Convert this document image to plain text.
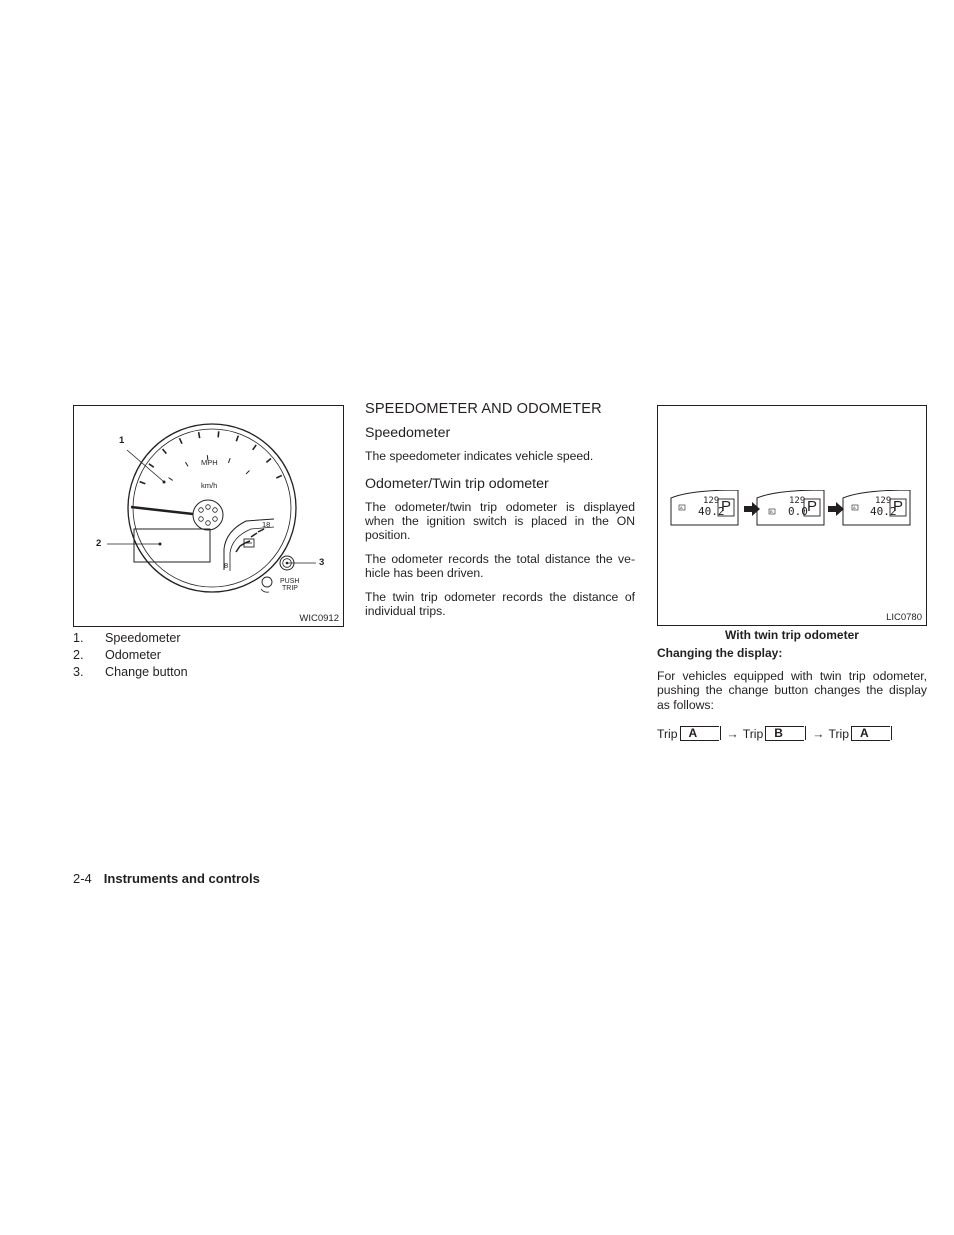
MPH
km/h
18
8
PUSH
TRIP
1
2
3
WIC0912
1.	Speedometer
2.	Odometer
3.	Change button
SPEEDOMETER AND ODOMETER
Speedometer

The speedometer indicates vehicle speed.

Odometer/Twin trip odometer

The odometer/twin trip odometer is displayed when the ignition switch is placed in the ON position.

The odometer records the total distance the vehicle has been driven.

The twin trip odometer records the distance of individual trips.

A
129
40.2
P	B
129
0.0 P	A
129
40.2
P
LIC0780
With twin trip odometer
Changing the display:

For vehicles equipped with twin trip odometer, pushing the change button changes the display as follows:

Trip A	→ Trip B	→ Trip A
2-4 Instruments and controls
